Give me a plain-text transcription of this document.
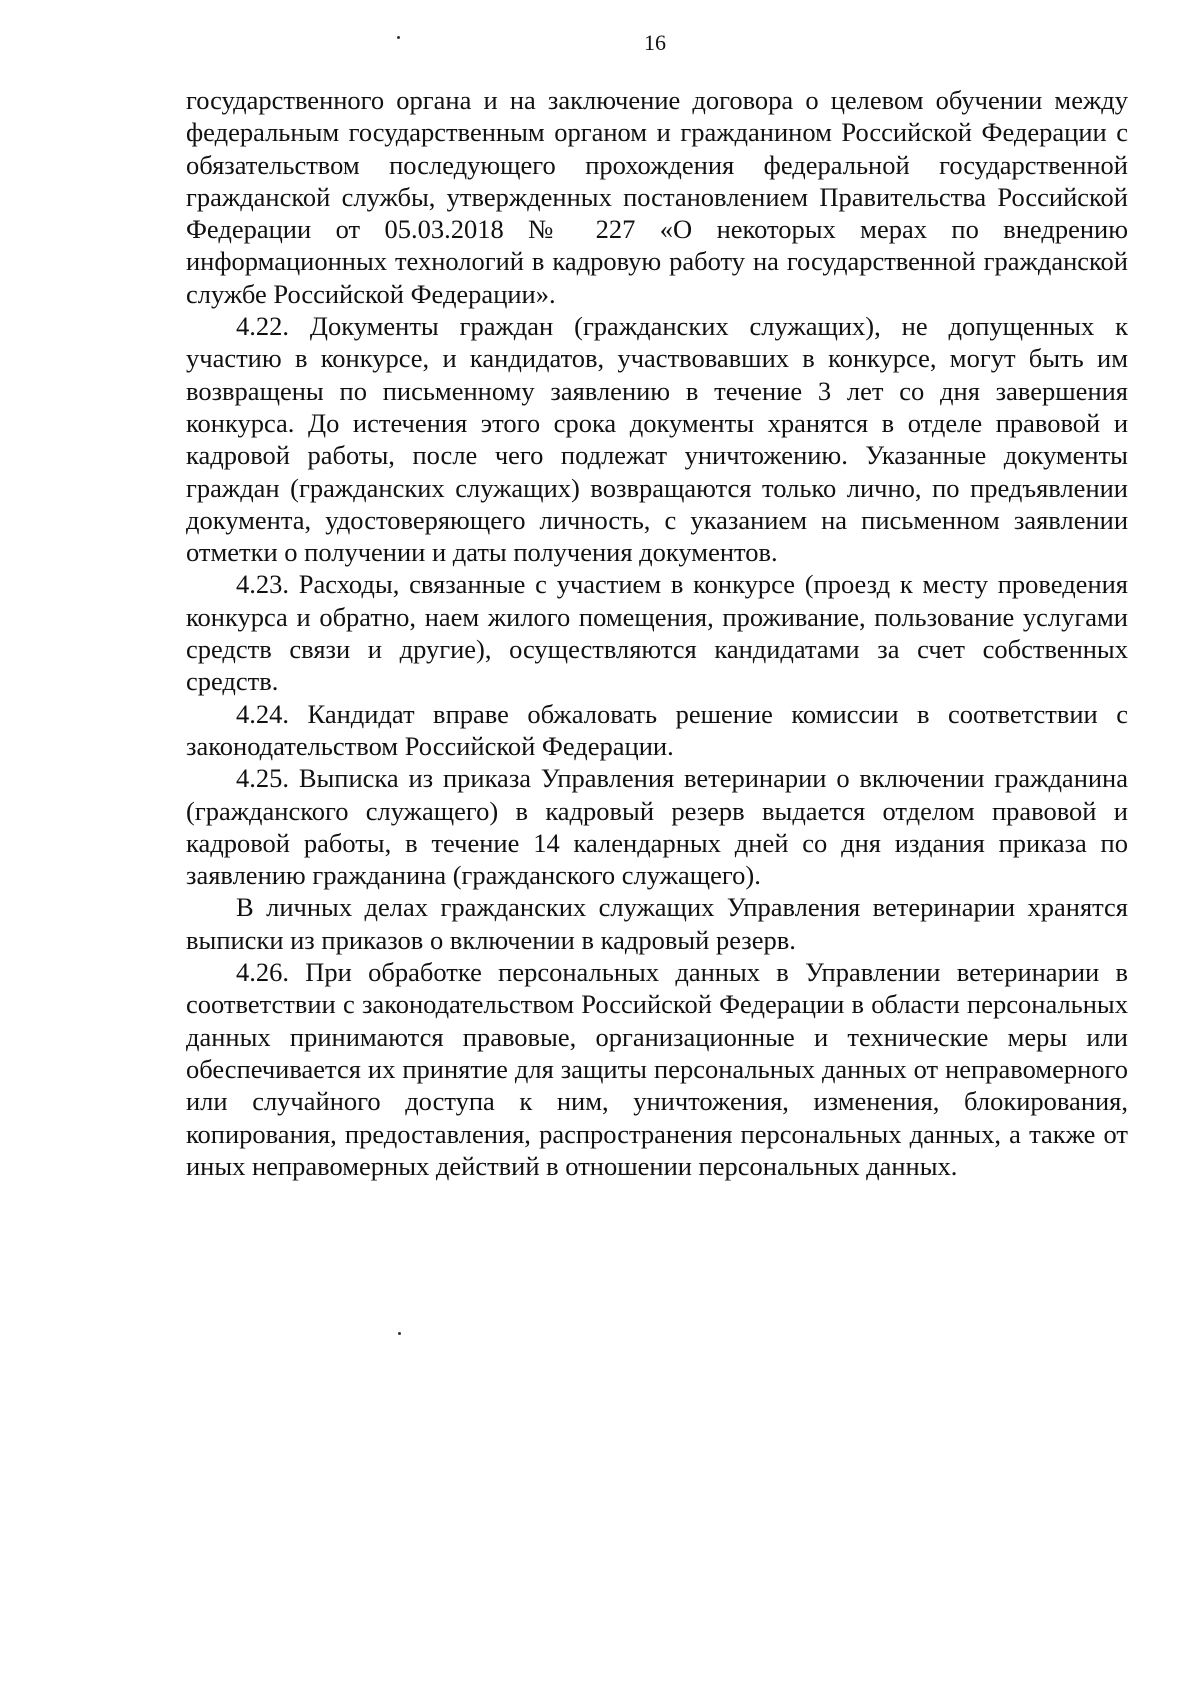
16

государственного органа и на заключение договора о целевом обучении между федеральным государственным органом и гражданином Российской Федерации с обязательством последующего прохождения федеральной государственной гражданской службы, утвержденных постановлением Правительства Российской Федерации от 05.03.2018 № 227 «О некоторых мерах по внедрению информационных технологий в кадровую работу на государственной гражданской службе Российской Федерации».

4.22. Документы граждан (гражданских служащих), не допущенных к участию в конкурсе, и кандидатов, участвовавших в конкурсе, могут быть им возвращены по письменному заявлению в течение 3 лет со дня завершения конкурса. До истечения этого срока документы хранятся в отделе правовой и кадровой работы, после чего подлежат уничтожению. Указанные документы граждан (гражданских служащих) возвращаются только лично, по предъявлении документа, удостоверяющего личность, с указанием на письменном заявлении отметки о получении и даты получения документов.

4.23. Расходы, связанные с участием в конкурсе (проезд к месту проведения конкурса и обратно, наем жилого помещения, проживание, пользование услугами средств связи и другие), осуществляются кандидатами за счет собственных средств.

4.24. Кандидат вправе обжаловать решение комиссии в соответствии с законодательством Российской Федерации.

4.25. Выписка из приказа Управления ветеринарии о включении гражданина (гражданского служащего) в кадровый резерв выдается отделом правовой и кадровой работы, в течение 14 календарных дней со дня издания приказа по заявлению гражданина (гражданского служащего).

В личных делах гражданских служащих Управления ветеринарии хранятся выписки из приказов о включении в кадровый резерв.

4.26. При обработке персональных данных в Управлении ветеринарии в соответствии с законодательством Российской Федерации в области персональных данных принимаются правовые, организационные и технические меры или обеспечивается их принятие для защиты персональных данных от неправомерного или случайного доступа к ним, уничтожения, изменения, блокирования, копирования, предоставления, распространения персональных данных, а также от иных неправомерных действий в отношении персональных данных.
